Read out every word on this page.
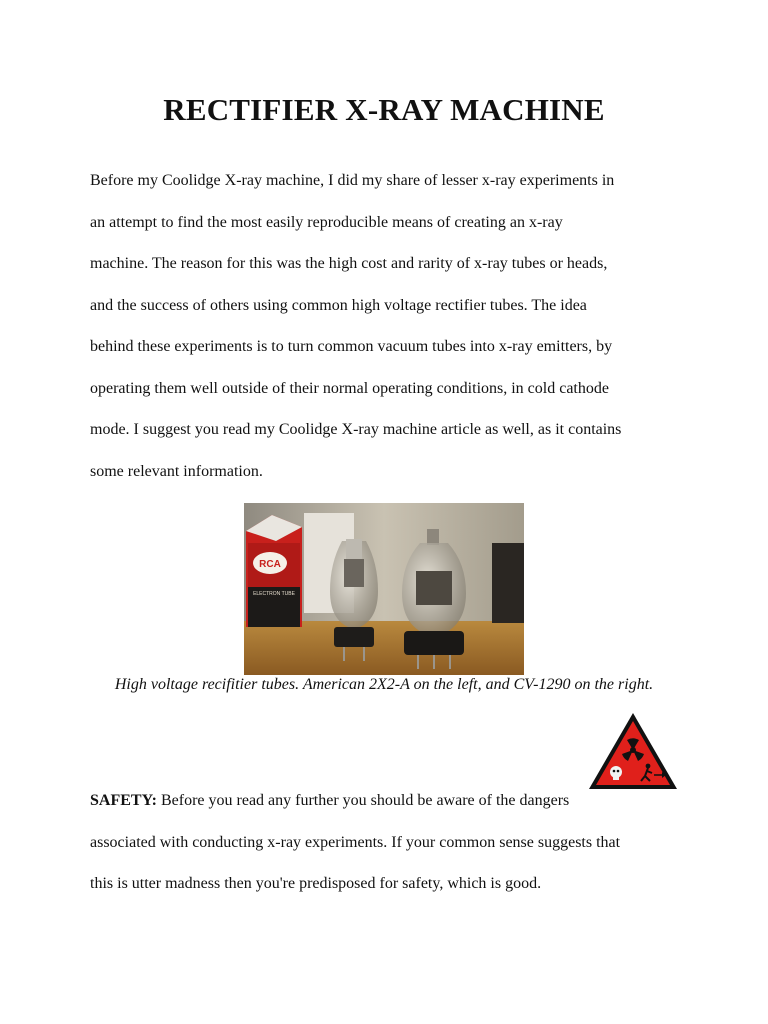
RECTIFIER X-RAY MACHINE
Before my Coolidge X-ray machine, I did my share of lesser x-ray experiments in
an attempt to find the most easily reproducible means of creating an x-ray
machine. The reason for this was the high cost and rarity of x-ray tubes or heads,
and the success of others using common high voltage rectifier tubes. The idea
behind these experiments is to turn common vacuum tubes into x-ray emitters, by
operating them well outside of their normal operating conditions, in cold cathode
mode. I suggest you read my Coolidge X-ray machine article as well, as it contains
some relevant information.
RCA
ELECTRON TUBE

High voltage recifitier tubes. American 2X2-A on the left, and CV-1290 on the right.

SAFETY: Before you read any further you should be aware of the dangers
associated with conducting x-ray experiments. If your common sense suggests that
this is utter madness then you're predisposed for safety, which is good.
